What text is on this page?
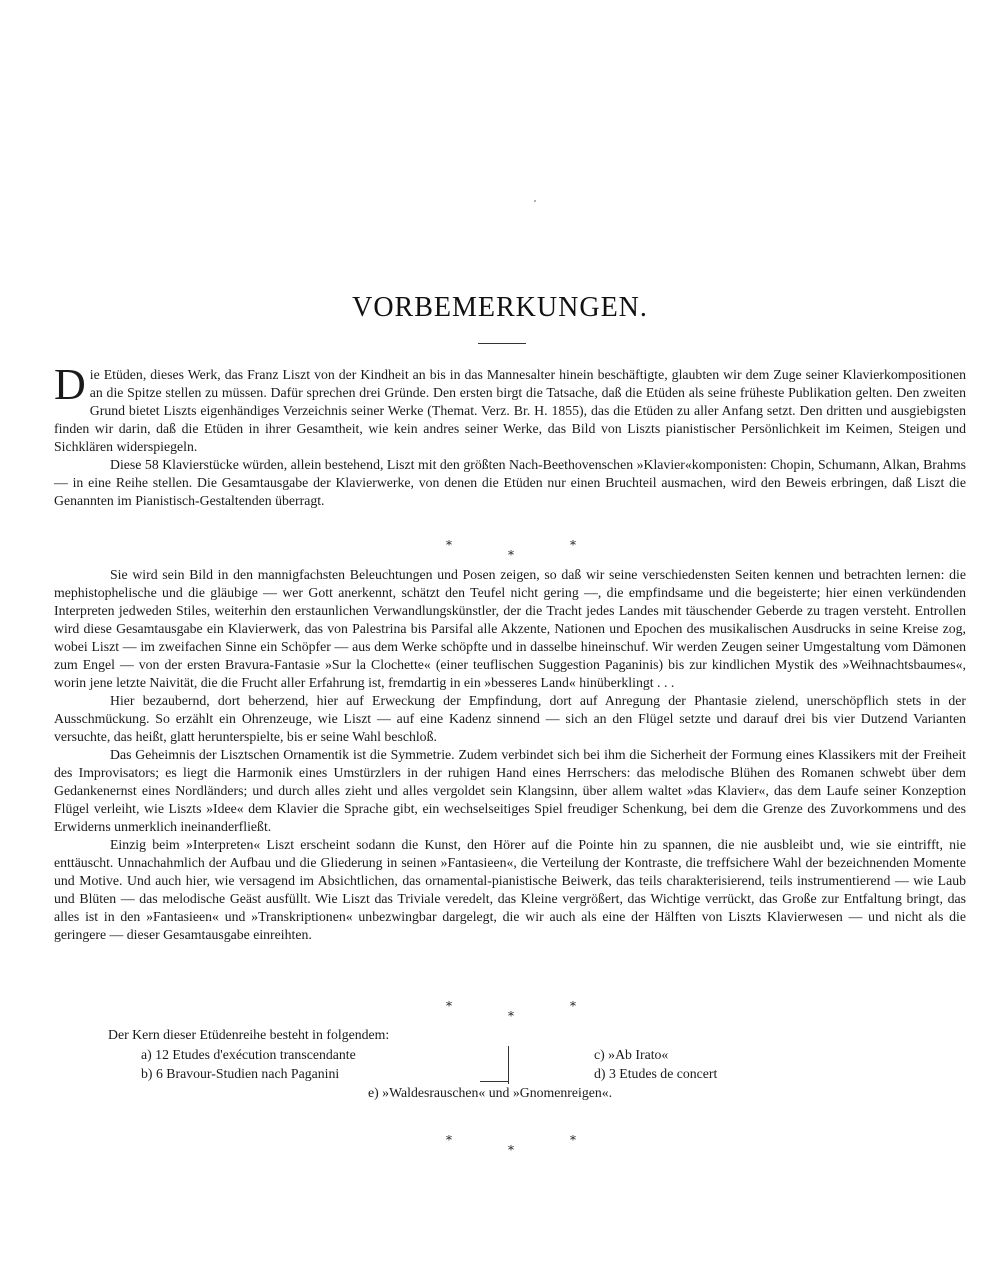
VORBEMERKUNGEN.

Die Etüden, dieses Werk, das Franz Liszt von der Kindheit an bis in das Mannesalter hinein beschäftigte, glaubten wir dem Zuge seiner Klavierkompositionen an die Spitze stellen zu müssen. Dafür sprechen drei Gründe. Den ersten birgt die Tatsache, daß die Etüden als seine früheste Publikation gelten. Den zweiten Grund bietet Liszts eigenhändiges Verzeichnis seiner Werke (Themat. Verz. Br. H. 1855), das die Etüden zu aller Anfang setzt. Den dritten und ausgiebigsten finden wir darin, daß die Etüden in ihrer Gesamtheit, wie kein andres seiner Werke, das Bild von Liszts pianistischer Persönlichkeit im Keimen, Steigen und Sichklären widerspiegeln.

Diese 58 Klavierstücke würden, allein bestehend, Liszt mit den größten Nach-Beethovenschen »Klavier«komponisten: Chopin, Schumann, Alkan, Brahms — in eine Reihe stellen. Die Gesamtausgabe der Klavierwerke, von denen die Etüden nur einen Bruchteil ausmachen, wird den Beweis erbringen, daß Liszt die Genannten im Pianistisch-Gestaltenden überragt.

*
*
*

Sie wird sein Bild in den mannigfachsten Beleuchtungen und Posen zeigen, so daß wir seine verschiedensten Seiten kennen und betrachten lernen: die mephistophelische und die gläubige — wer Gott anerkennt, schätzt den Teufel nicht gering —, die empfindsame und die begeisterte; hier einen verkündenden Interpreten jedweden Stiles, weiterhin den erstaunlichen Verwandlungskünstler, der die Tracht jedes Landes mit täuschender Geberde zu tragen versteht. Entrollen wird diese Gesamtausgabe ein Klavierwerk, das von Palestrina bis Parsifal alle Akzente, Nationen und Epochen des musikalischen Ausdrucks in seine Kreise zog, wobei Liszt — im zweifachen Sinne ein Schöpfer — aus dem Werke schöpfte und in dasselbe hineinschuf. Wir werden Zeugen seiner Umgestaltung vom Dämonen zum Engel — von der ersten Bravura-Fantasie »Sur la Clochette« (einer teuflischen Suggestion Paganinis) bis zur kindlichen Mystik des »Weihnachtsbaumes«, worin jene letzte Naivität, die die Frucht aller Erfahrung ist, fremdartig in ein »besseres Land« hinüberklingt . . .

Hier bezaubernd, dort beherzend, hier auf Erweckung der Empfindung, dort auf Anregung der Phantasie zielend, unerschöpflich stets in der Ausschmückung. So erzählt ein Ohrenzeuge, wie Liszt — auf eine Kadenz sinnend — sich an den Flügel setzte und darauf drei bis vier Dutzend Varianten versuchte, das heißt, glatt herunterspielte, bis er seine Wahl beschloß.

Das Geheimnis der Lisztschen Ornamentik ist die Symmetrie. Zudem verbindet sich bei ihm die Sicherheit der Formung eines Klassikers mit der Freiheit des Improvisators; es liegt die Harmonik eines Umstürzlers in der ruhigen Hand eines Herrschers: das melodische Blühen des Romanen schwebt über dem Gedankenernst eines Nordländers; und durch alles zieht und alles vergoldet sein Klangsinn, über allem waltet »das Klavier«, das dem Laufe seiner Konzeption Flügel verleiht, wie Liszts »Idee« dem Klavier die Sprache gibt, ein wechselseitiges Spiel freudiger Schenkung, bei dem die Grenze des Zuvorkommens und des Erwiderns unmerklich ineinanderfließt.

Einzig beim »Interpreten« Liszt erscheint sodann die Kunst, den Hörer auf die Pointe hin zu spannen, die nie ausbleibt und, wie sie eintrifft, nie enttäuscht. Unnachahmlich der Aufbau und die Gliederung in seinen »Fantasieen«, die Verteilung der Kontraste, die treffsichere Wahl der bezeichnenden Momente und Motive. Und auch hier, wie versagend im Absichtlichen, das ornamental-pianistische Beiwerk, das teils charakterisierend, teils instrumentierend — wie Laub und Blüten — das melodische Geäst ausfüllt. Wie Liszt das Triviale veredelt, das Kleine vergrößert, das Wichtige verrückt, das Große zur Entfaltung bringt, das alles ist in den »Fantasieen« und »Transkriptionen« unbezwingbar dargelegt, die wir auch als eine der Hälften von Liszts Klavierwesen — und nicht als die geringere — dieser Gesamtausgabe einreihten.

*
*
*
Der Kern dieser Etüdenreihe besteht in folgendem:
a) 12 Etudes d'exécution transcendante
b) 6 Bravour-Studien nach Paganini
c) »Ab Irato«
d) 3 Etudes de concert
e) »Waldesrauschen« und »Gnomenreigen«.
*
*
*
